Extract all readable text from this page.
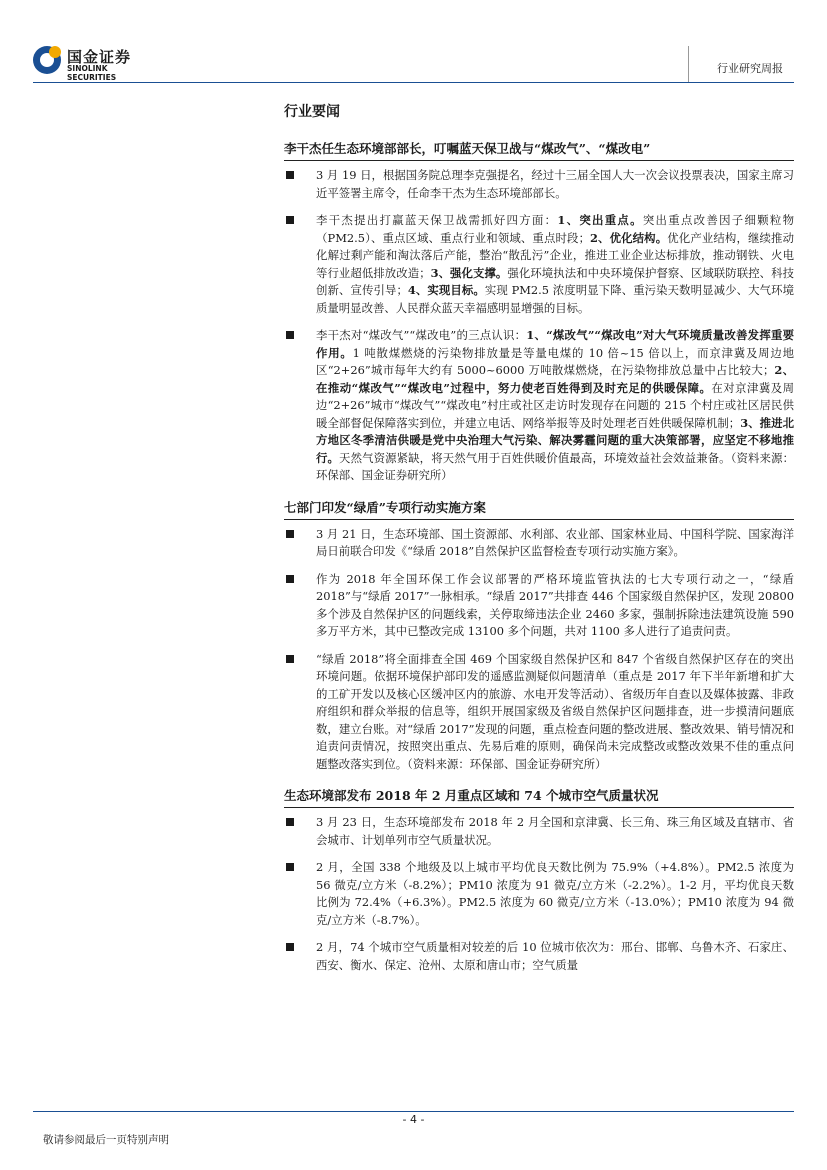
国金证券
SINOLINK SECURITIES
行业研究周报
行业要闻
李干杰任生态环境部部长，叮嘱蓝天保卫战与“煤改气”、“煤改电”
3 月 19 日，根据国务院总理李克强提名，经过十三届全国人大一次会议投票表决，国家主席习近平签署主席令，任命李干杰为生态环境部部长。
李干杰提出打赢蓝天保卫战需抓好四方面：1、突出重点。突出重点改善因子细颗粒物（PM2.5）、重点区域、重点行业和领域、重点时段；2、优化结构。优化产业结构，继续推动化解过剩产能和淘汰落后产能，整治“散乱污”企业，推进工业企业达标排放，推动钢铁、火电等行业超低排放改造；3、强化支撑。强化环境执法和中央环境保护督察、区域联防联控、科技创新、宣传引导；4、实现目标。实现 PM2.5 浓度明显下降、重污染天数明显减少、大气环境质量明显改善、人民群众蓝天幸福感明显增强的目标。
李干杰对“煤改气”“煤改电”的三点认识：1、“煤改气”“煤改电”对大气环境质量改善发挥重要作用。1 吨散煤燃烧的污染物排放量是等量电煤的 10 倍~15 倍以上，而京津冀及周边地区“2+26”城市每年大约有 5000~6000 万吨散煤燃烧，在污染物排放总量中占比较大；2、在推动“煤改气”“煤改电”过程中，努力使老百姓得到及时充足的供暖保障。在对京津冀及周边“2+26”城市“煤改气”“煤改电”村庄或社区走访时发现存在问题的 215 个村庄或社区居民供暖全部督促保障落实到位，并建立电话、网络举报等及时处理老百姓供暖保障机制；3、推进北方地区冬季清洁供暖是党中央治理大气污染、解决雾霾问题的重大决策部署，应坚定不移地推行。天然气资源紧缺，将天然气用于百姓供暖价值最高，环境效益社会效益兼备。（资料来源：环保部、国金证券研究所）
七部门印发“绿盾”专项行动实施方案
3 月 21 日，生态环境部、国土资源部、水利部、农业部、国家林业局、中国科学院、国家海洋局日前联合印发《“绿盾 2018”自然保护区监督检查专项行动实施方案》。
作为 2018 年全国环保工作会议部署的严格环境监管执法的七大专项行动之一，“绿盾 2018”与“绿盾 2017”一脉相承。“绿盾 2017”共排查 446 个国家级自然保护区，发现 20800 多个涉及自然保护区的问题线索，关停取缔违法企业 2460 多家，强制拆除违法建筑设施 590 多万平方米，其中已整改完成 13100 多个问题，共对 1100 多人进行了追责问责。
“绿盾 2018”将全面排查全国 469 个国家级自然保护区和 847 个省级自然保护区存在的突出环境问题。依据环境保护部印发的遥感监测疑似问题清单（重点是 2017 年下半年新增和扩大的工矿开发以及核心区缓冲区内的旅游、水电开发等活动）、省级历年自查以及媒体披露、非政府组织和群众举报的信息等，组织开展国家级及省级自然保护区问题排查，进一步摸清问题底数，建立台账。对“绿盾 2017”发现的问题，重点检查问题的整改进展、整改效果、销号情况和追责问责情况，按照突出重点、先易后难的原则，确保尚未完成整改或整改效果不佳的重点问题整改落实到位。（资料来源：环保部、国金证券研究所）
生态环境部发布 2018 年 2 月重点区域和 74 个城市空气质量状况
3 月 23 日，生态环境部发布 2018 年 2 月全国和京津冀、长三角、珠三角区域及直辖市、省会城市、计划单列市空气质量状况。
2 月，全国 338 个地级及以上城市平均优良天数比例为 75.9%（+4.8%）。PM2.5 浓度为 56 微克/立方米（-8.2%）；PM10 浓度为 91 微克/立方米（-2.2%）。1-2 月，平均优良天数比例为 72.4%（+6.3%）。PM2.5 浓度为 60 微克/立方米（-13.0%）；PM10 浓度为 94 微克/立方米（-8.7%）。
2 月，74 个城市空气质量相对较差的后 10 位城市依次为：邢台、邯郸、乌鲁木齐、石家庄、西安、衡水、保定、沧州、太原和唐山市；空气质量
- 4 -
敬请参阅最后一页特别声明
